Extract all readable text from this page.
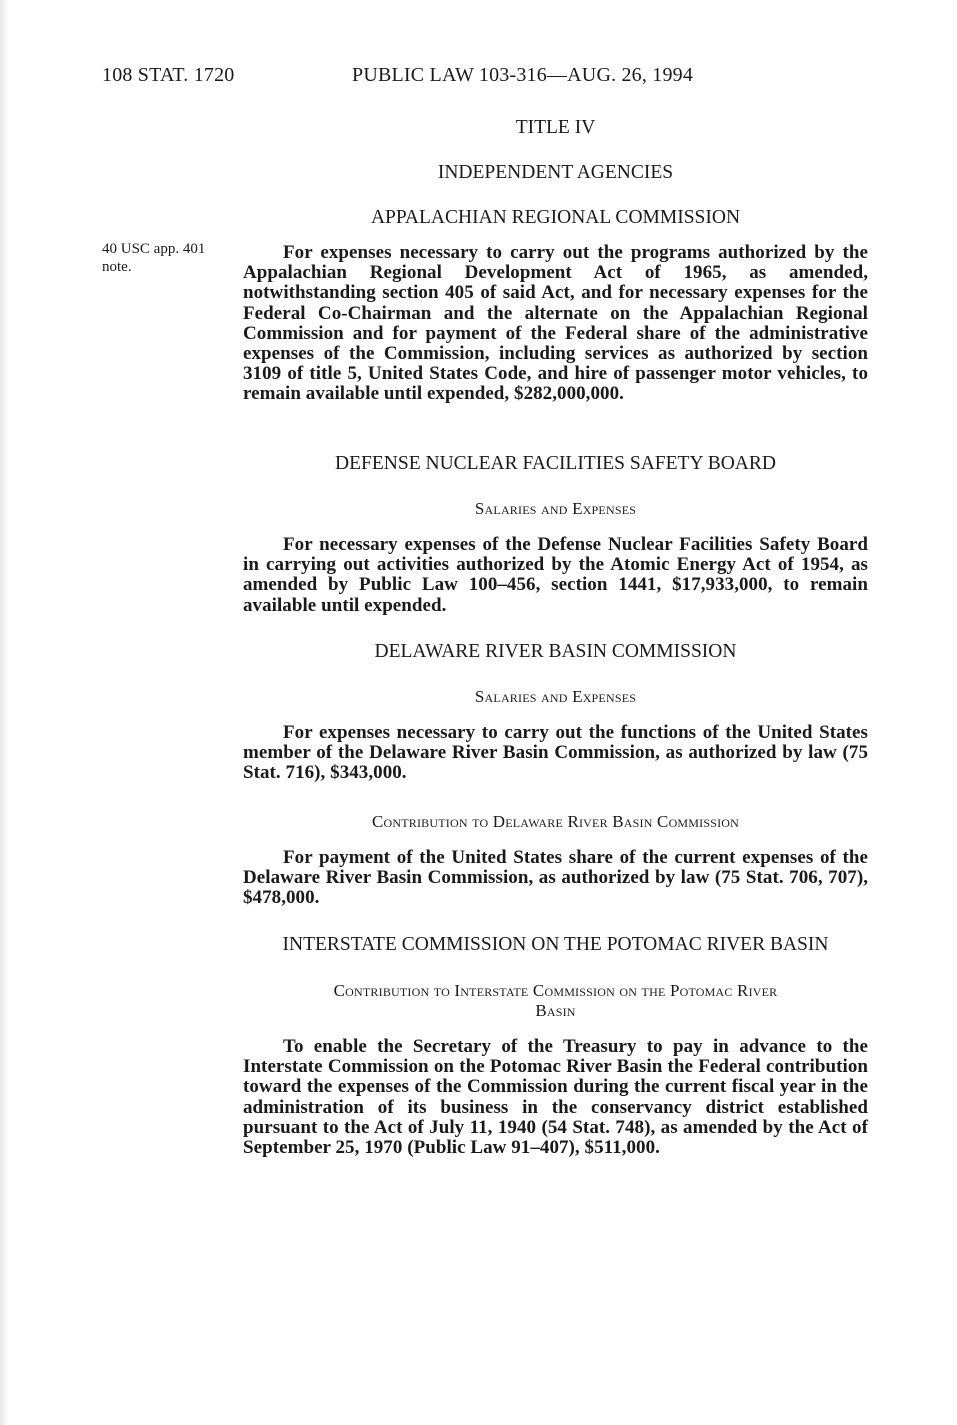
108 STAT. 1720	PUBLIC LAW 103-316—AUG. 26, 1994
TITLE IV
INDEPENDENT AGENCIES
APPALACHIAN REGIONAL COMMISSION
40 USC app. 401 note.
For expenses necessary to carry out the programs authorized by the Appalachian Regional Development Act of 1965, as amended, notwithstanding section 405 of said Act, and for necessary expenses for the Federal Co-Chairman and the alternate on the Appalachian Regional Commission and for payment of the Federal share of the administrative expenses of the Commission, including services as authorized by section 3109 of title 5, United States Code, and hire of passenger motor vehicles, to remain available until expended, $282,000,000.
DEFENSE NUCLEAR FACILITIES SAFETY BOARD
Salaries and Expenses
For necessary expenses of the Defense Nuclear Facilities Safety Board in carrying out activities authorized by the Atomic Energy Act of 1954, as amended by Public Law 100–456, section 1441, $17,933,000, to remain available until expended.
DELAWARE RIVER BASIN COMMISSION
Salaries and Expenses
For expenses necessary to carry out the functions of the United States member of the Delaware River Basin Commission, as authorized by law (75 Stat. 716), $343,000.
Contribution to Delaware River Basin Commission
For payment of the United States share of the current expenses of the Delaware River Basin Commission, as authorized by law (75 Stat. 706, 707), $478,000.
INTERSTATE COMMISSION ON THE POTOMAC RIVER BASIN
Contribution to Interstate Commission on the Potomac River
Basin
To enable the Secretary of the Treasury to pay in advance to the Interstate Commission on the Potomac River Basin the Federal contribution toward the expenses of the Commission during the current fiscal year in the administration of its business in the conservancy district established pursuant to the Act of July 11, 1940 (54 Stat. 748), as amended by the Act of September 25, 1970 (Public Law 91–407), $511,000.
